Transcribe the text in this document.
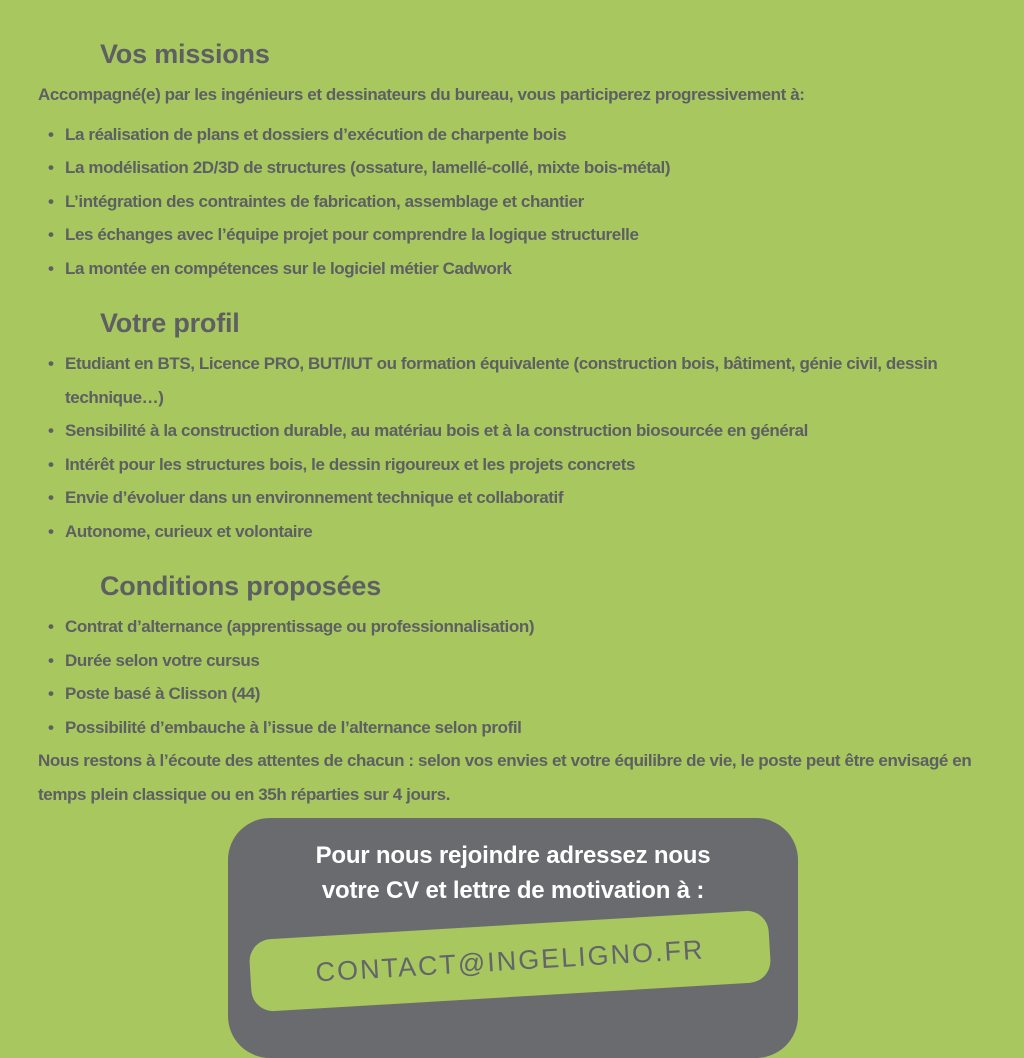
Vos missions

Accompagné(e) par les ingénieurs et dessinateurs du bureau, vous participerez progressivement à:

• La réalisation de plans et dossiers d’exécution de charpente bois
• La modélisation 2D/3D de structures (ossature, lamellé-collé, mixte bois-métal)
• L’intégration des contraintes de fabrication, assemblage et chantier
• Les échanges avec l’équipe projet pour comprendre la logique structurelle
• La montée en compétences sur le logiciel métier Cadwork
Votre profil
• Etudiant en BTS, Licence PRO, BUT/IUT ou formation équivalente (construction bois, bâtiment, génie civil, dessin technique…)
• Sensibilité à la construction durable, au matériau bois et à la construction biosourcée en général
• Intérêt pour les structures bois, le dessin rigoureux et les projets concrets
• Envie d’évoluer dans un environnement technique et collaboratif
• Autonome, curieux et volontaire
Conditions proposées
• Contrat d’alternance (apprentissage ou professionnalisation)
• Durée selon votre cursus
• Poste basé à Clisson (44)
• Possibilité d’embauche à l’issue de l’alternance selon profil

Nous restons à l’écoute des attentes de chacun : selon vos envies et votre équilibre de vie, le poste peut être envisagé en temps plein classique ou en 35h réparties sur 4 jours.

Pour nous rejoindre adressez nous
votre CV et lettre de motivation à :
CONTACT@INGELIGNO.FR
